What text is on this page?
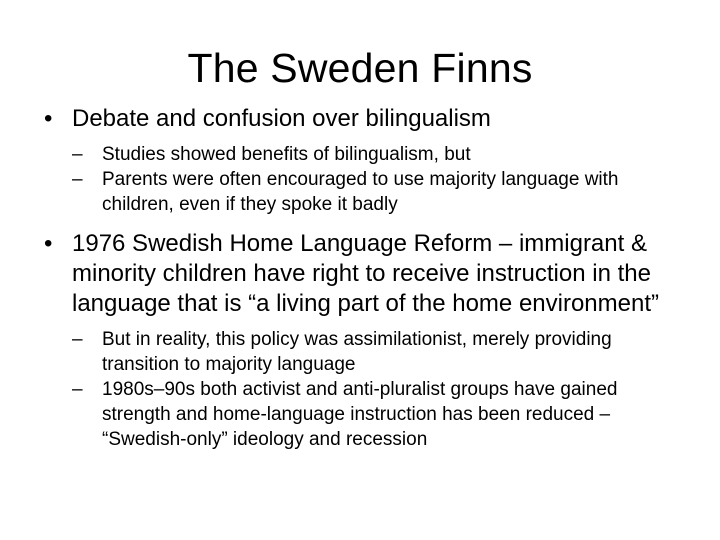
The Sweden Finns
• Debate and confusion over bilingualism
–	Studies showed benefits of bilingualism, but
–	Parents were often encouraged to use majority language with children, even if they spoke it badly
• 1976 Swedish Home Language Reform – immigrant & minority children have right to receive instruction in the language that is “a living part of the home environment”
–	But in reality, this policy was assimilationist, merely providing transition to majority language
–	1980s–90s both activist and anti-pluralist groups have gained strength and home-language instruction has been reduced – “Swedish-only” ideology and recession
